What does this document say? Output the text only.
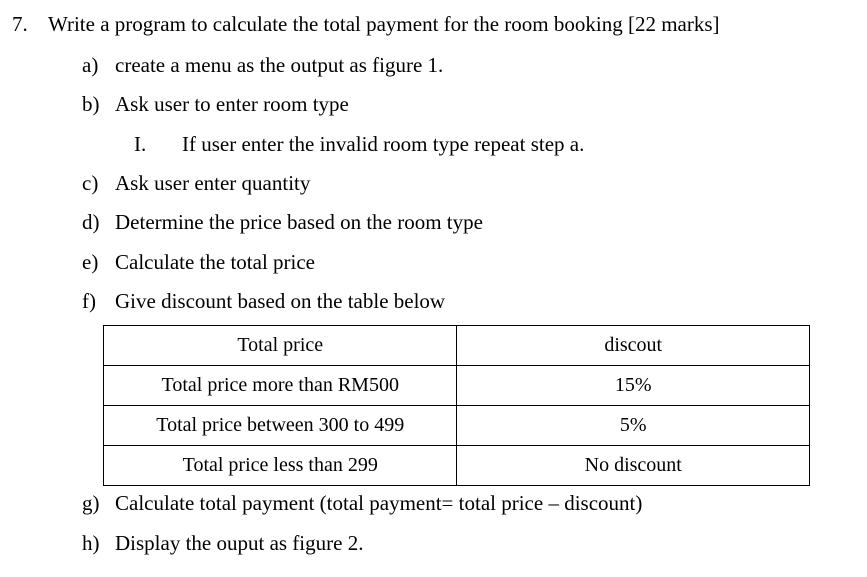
7. Write a program to calculate the total payment for the room booking [22 marks]
a) create a menu as the output as figure 1.
b) Ask user to enter room type
I. If user enter the invalid room type repeat step a.
c) Ask user enter quantity
d) Determine the price based on the room type
e) Calculate the total price
f) Give discount based on the table below
Total price	discout
Total price more than RM500	15%
Total price between 300 to 499	5%
Total price less than 299	No discount
g) Calculate total payment (total payment= total price – discount)
h) Display the ouput as figure 2.
